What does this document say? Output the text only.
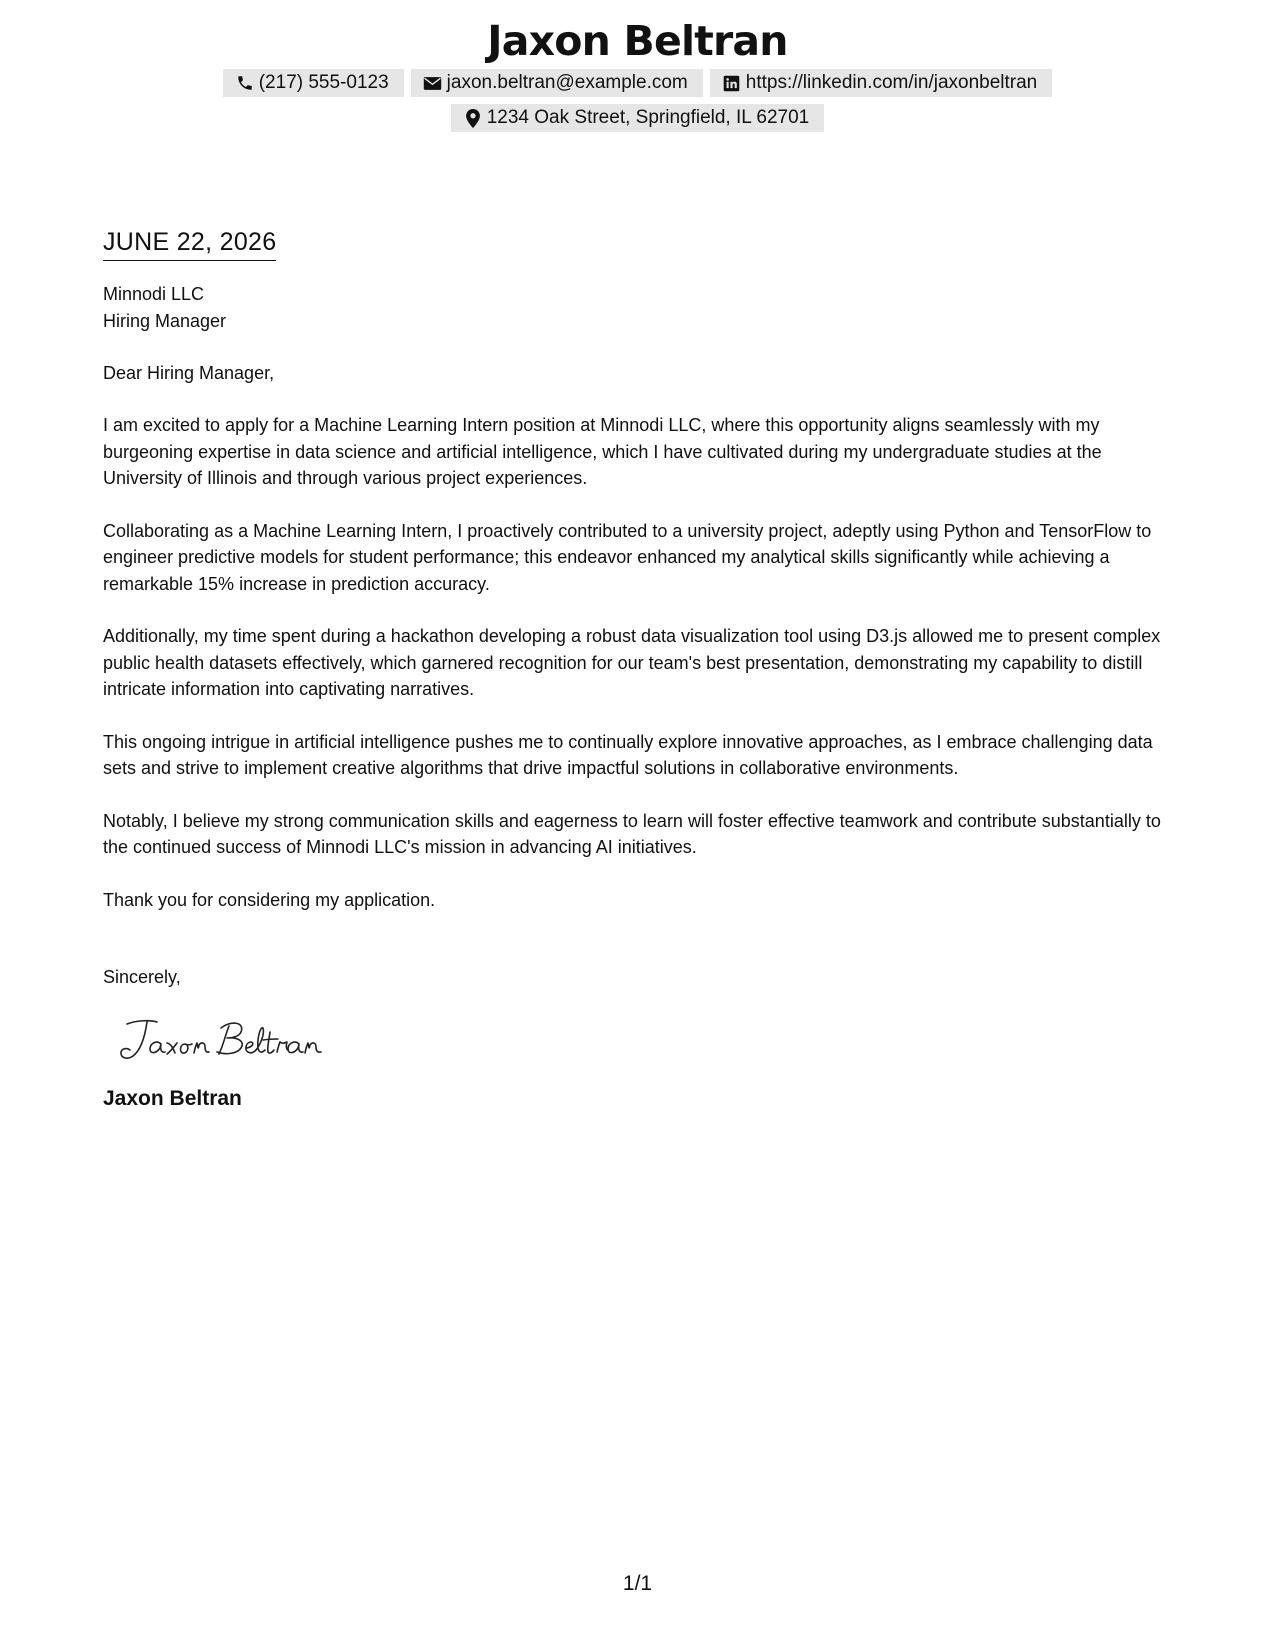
Jaxon Beltran
(217) 555-0123	jaxon.beltran@example.com	https://linkedin.com/in/jaxonbeltran
1234 Oak Street, Springfield, IL 62701
JUNE 22, 2026
Minnodi LLC
Hiring Manager
Dear Hiring Manager,

I am excited to apply for a Machine Learning Intern position at Minnodi LLC, where this opportunity aligns seamlessly with my burgeoning expertise in data science and artificial intelligence, which I have cultivated during my undergraduate studies at the University of Illinois and through various project experiences.

Collaborating as a Machine Learning Intern, I proactively contributed to a university project, adeptly using Python and TensorFlow to engineer predictive models for student performance; this endeavor enhanced my analytical skills significantly while achieving a remarkable 15% increase in prediction accuracy.

Additionally, my time spent during a hackathon developing a robust data visualization tool using D3.js allowed me to present complex public health datasets effectively, which garnered recognition for our team's best presentation, demonstrating my capability to distill intricate information into captivating narratives.

This ongoing intrigue in artificial intelligence pushes me to continually explore innovative approaches, as I embrace challenging data sets and strive to implement creative algorithms that drive impactful solutions in collaborative environments.

Notably, I believe my strong communication skills and eagerness to learn will foster effective teamwork and contribute substantially to the continued success of Minnodi LLC's mission in advancing AI initiatives.

Thank you for considering my application.

Sincerely,
Jaxon Beltran
1/1
